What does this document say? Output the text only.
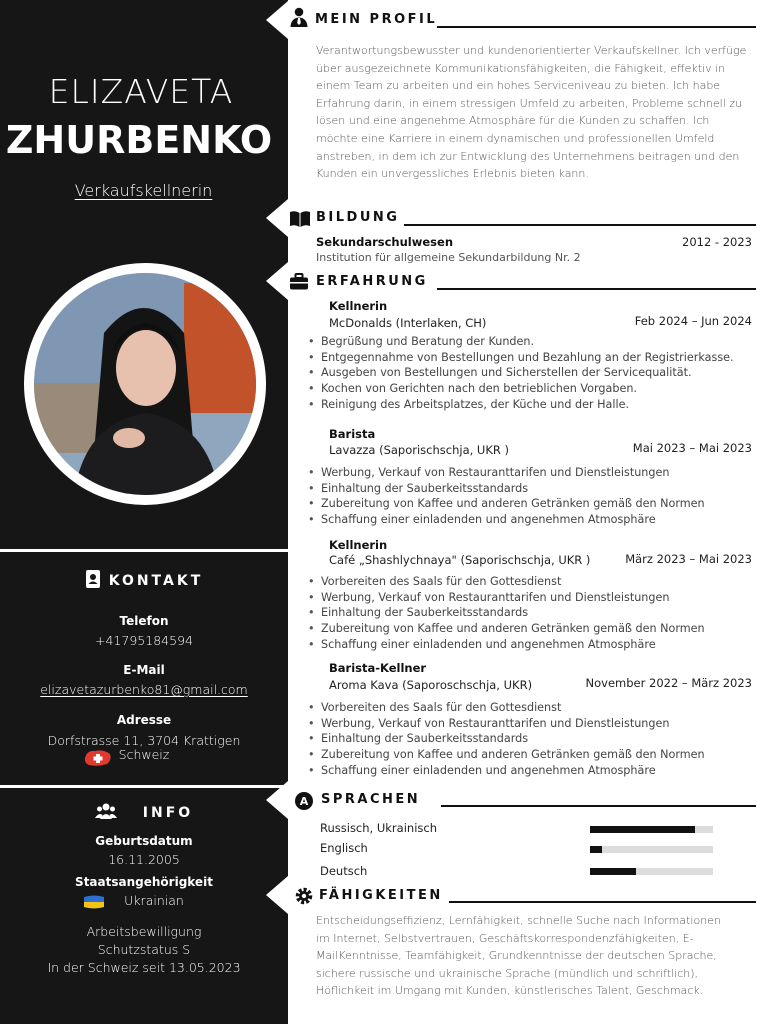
ELIZAVETA
ZHURBENKO
Verkaufskellnerin
KONTAKT
Telefon
+41795184594
E-Mail
elizavetazurbenko81@gmail.com
Adresse
Dorfstrasse 11, 3704 Krattigen
Schweiz
INFO
Geburtsdatum
16.11.2005
Staatsangehörigkeit
Ukrainian
Arbeitsbewilligung
Schutzstatus S
In der Schweiz seit 13.05.2023
MEIN PROFIL
Verantwortungsbewusster und kundenorientierter Verkaufskellner. Ich verfüge über ausgezeichnete Kommunikationsfähigkeiten, die Fähigkeit, effektiv in einem Team zu arbeiten und ein hohes Serviceniveau zu bieten. Ich habe Erfahrung darin, in einem stressigen Umfeld zu arbeiten, Probleme schnell zu lösen und eine angenehme Atmosphäre für die Kunden zu schaffen. Ich möchte eine Karriere in einem dynamischen und professionellen Umfeld anstreben, in dem ich zur Entwicklung des Unternehmens beitragen und den Kunden ein unvergessliches Erlebnis bieten kann.
BILDUNG
Sekundarschulwesen	2012 - 2023
Institution für allgemeine Sekundarbildung Nr. 2
ERFAHRUNG
Kellnerin
McDonalds (Interlaken, CH)	Feb 2024 – Jun 2024
• Begrüßung und Beratung der Kunden.
• Entgegennahme von Bestellungen und Bezahlung an der Registrierkasse.
• Ausgeben von Bestellungen und Sicherstellen der Servicequalität.
• Kochen von Gerichten nach den betrieblichen Vorgaben.
• Reinigung des Arbeitsplatzes, der Küche und der Halle.
Barista
Lavazza (Saporischschja, UKR )	Mai 2023 – Mai 2023
• Werbung, Verkauf von Restauranttarifen und Dienstleistungen
• Einhaltung der Sauberkeitsstandards
• Zubereitung von Kaffee und anderen Getränken gemäß den Normen
• Schaffung einer einladenden und angenehmen Atmosphäre
Kellnerin
Café „Shashlychnaya" (Saporischschja, UKR )	März 2023 – Mai 2023
• Vorbereiten des Saals für den Gottesdienst
• Werbung, Verkauf von Restauranttarifen und Dienstleistungen
• Einhaltung der Sauberkeitsstandards
• Zubereitung von Kaffee und anderen Getränken gemäß den Normen
• Schaffung einer einladenden und angenehmen Atmosphäre
Barista-Kellner
Aroma Kava (Saporoschschja, UKR)	November 2022 – März 2023
• Vorbereiten des Saals für den Gottesdienst
• Werbung, Verkauf von Restauranttarifen und Dienstleistungen
• Einhaltung der Sauberkeitsstandards
• Zubereitung von Kaffee und anderen Getränken gemäß den Normen
• Schaffung einer einladenden und angenehmen Atmosphäre
A SPRACHEN
Russisch, Ukrainisch
Englisch
Deutsch
FÄHIGKEITEN
Entscheidungseffizienz, Lernfähigkeit, schnelle Suche nach Informationen im Internet, Selbstvertrauen, Geschäftskorrespondenzfähigkeiten, E-MailKenntnisse, Teamfähigkeit, Grundkenntnisse der deutschen Sprache, sichere russische und ukrainische Sprache (mündlich und schriftlich), Höflichkeit im Umgang mit Kunden, künstlerisches Talent, Geschmack.
